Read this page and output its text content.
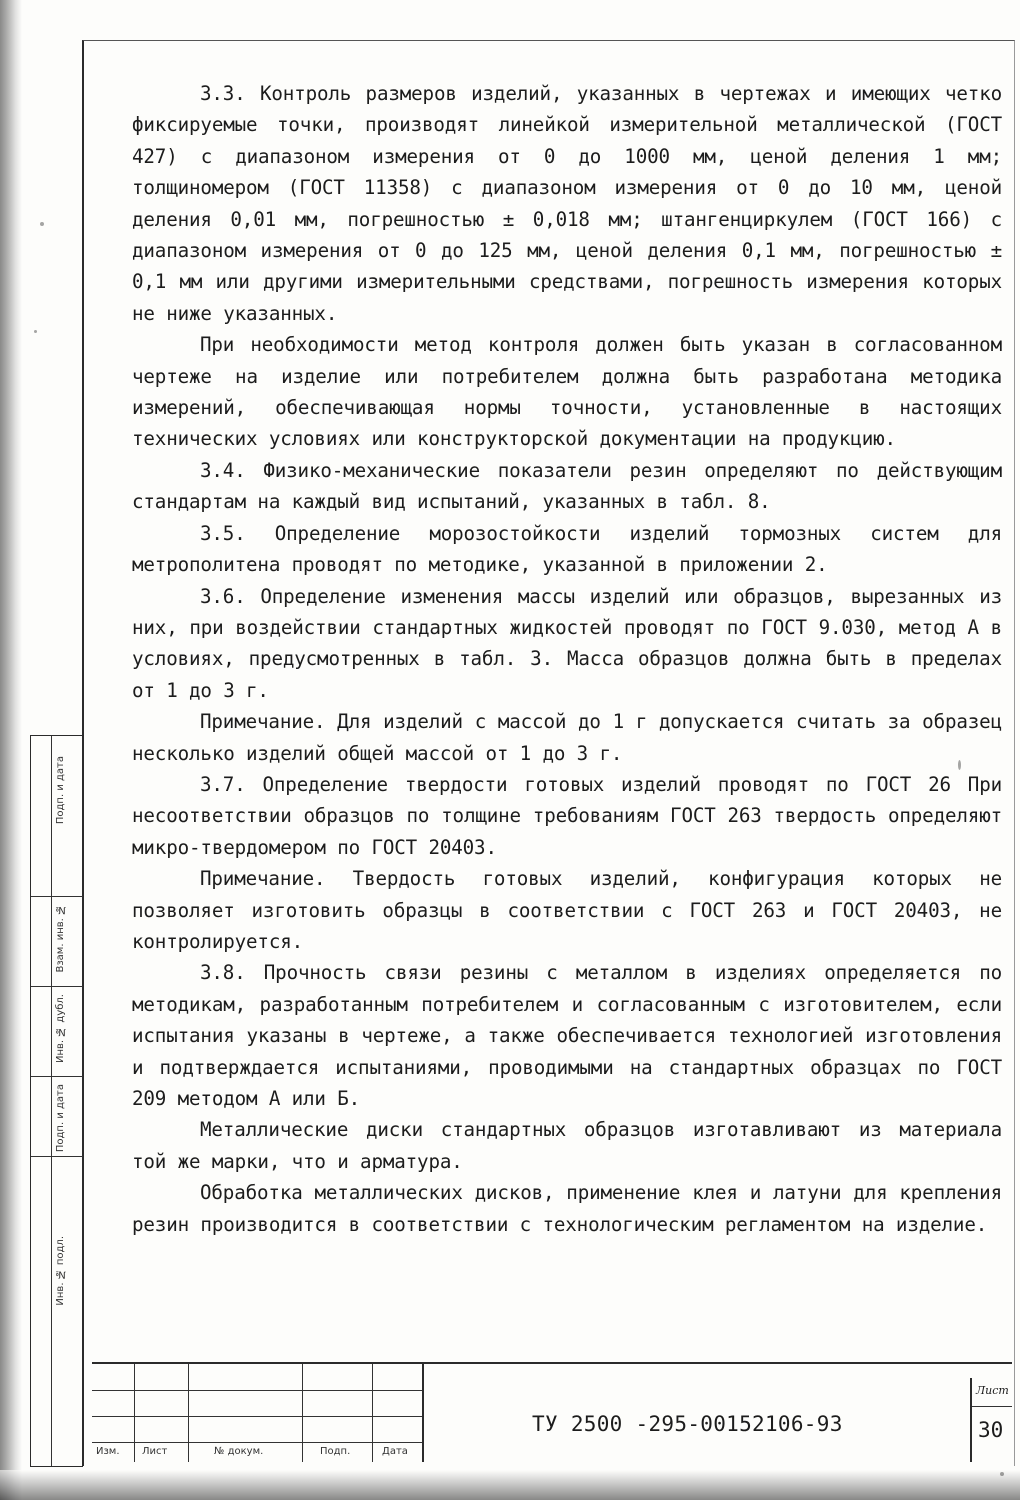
Подп. и дата
Взам. инв. №
Инв. № дубл.
Подп. и дата
Инв. № подл.

3.3. Контроль размеров изделий, указанных в чертежах и имеющих четко фиксируемые точки, производят линейкой измерительной металлической (ГОСТ 427) с диапазоном измерения от 0 до 1000 мм, ценой деления 1 мм; толщиномером (ГОСТ 11358) с диапазоном измерения от 0 до 10 мм, ценой деления 0,01 мм, погрешностью ± 0,018 мм; штангенциркулем (ГОСТ 166) с диапазоном измерения от 0 до 125 мм, ценой деления 0,1 мм, погрешностью ± 0,1 мм или другими измерительными средствами, погрешность измерения которых не ниже указанных.

При необходимости метод контроля должен быть указан в согласованном чертеже на изделие или потребителем должна быть разработана методика измерений, обеспечивающая нормы точности, установленные в настоящих технических условиях или конструкторской документации на продукцию.

3.4. Физико-механические показатели резин определяют по действующим стандартам на каждый вид испытаний, указанных в табл. 8.

3.5. Определение морозостойкости изделий тормозных систем для метрополитена проводят по методике, указанной в приложении 2.

3.6. Определение изменения массы изделий или образцов, вырезанных из них, при воздействии стандартных жидкостей проводят по ГОСТ 9.030, метод А в условиях, предусмотренных в табл. 3. Масса образцов должна быть в пределах от 1 до 3 г.

Примечание. Для изделий с массой до 1 г допускается считать за образец несколько изделий общей массой от 1 до 3 г.

3.7. Определение твердости готовых изделий проводят по ГОСТ 26 При несоответствии образцов по толщине требованиям ГОСТ 263 твердость определяют микро-твердомером по ГОСТ 20403.

Примечание. Твердость готовых изделий, конфигурация которых не позволяет изготовить образцы в соответствии с ГОСТ 263 и ГОСТ 20403, не контролируется.

3.8. Прочность связи резины с металлом в изделиях определяется по методикам, разработанным потребителем и согласованным с изготовителем, если испытания указаны в чертеже, а также обеспечивается технологией изготовления и подтверждается испытаниями, проводимыми на стандартных образцах по ГОСТ 209 методом А или Б.

Металлические диски стандартных образцов изготавливают из материала той же марки, что и арматура.

Обработка металлических дисков, применение клея и латуни для крепления резин производится в соответствии с технологическим регламентом на изделие.

Изм. Лист	№ докум.	Подп.	Дата
ТУ 2500 -295-00152106-93
Лист
30
